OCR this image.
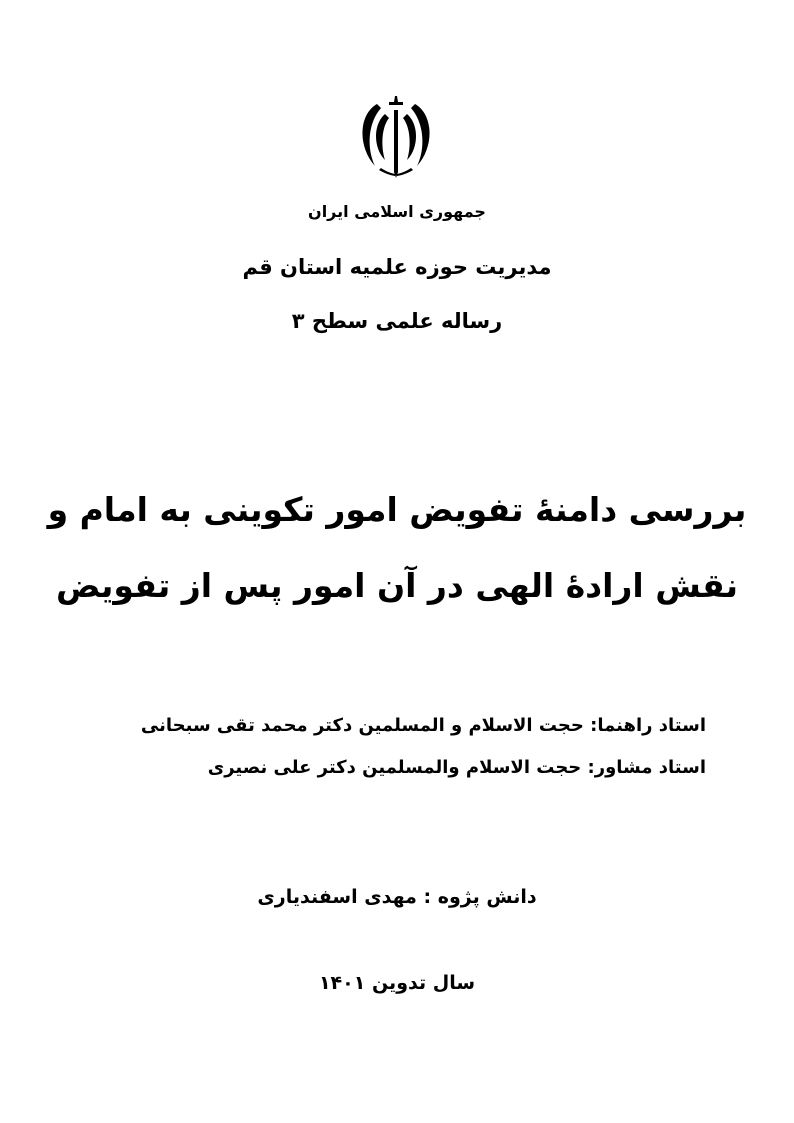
جمهوری اسلامی ایران
مدیریت حوزه علمیه استان قم
رساله علمی سطح ۳
بررسی دامنۀ تفویض امور تکوینی به امام و
نقش ارادۀ الهی در آن امور پس از تفویض
استاد راهنما: حجت الاسلام و المسلمین دکتر محمد تقی سبحانی
استاد مشاور: حجت الاسلام والمسلمین دکتر علی نصیری
دانش پژوه : مهدی اسفندیاری
سال تدوین ۱۴۰۱
